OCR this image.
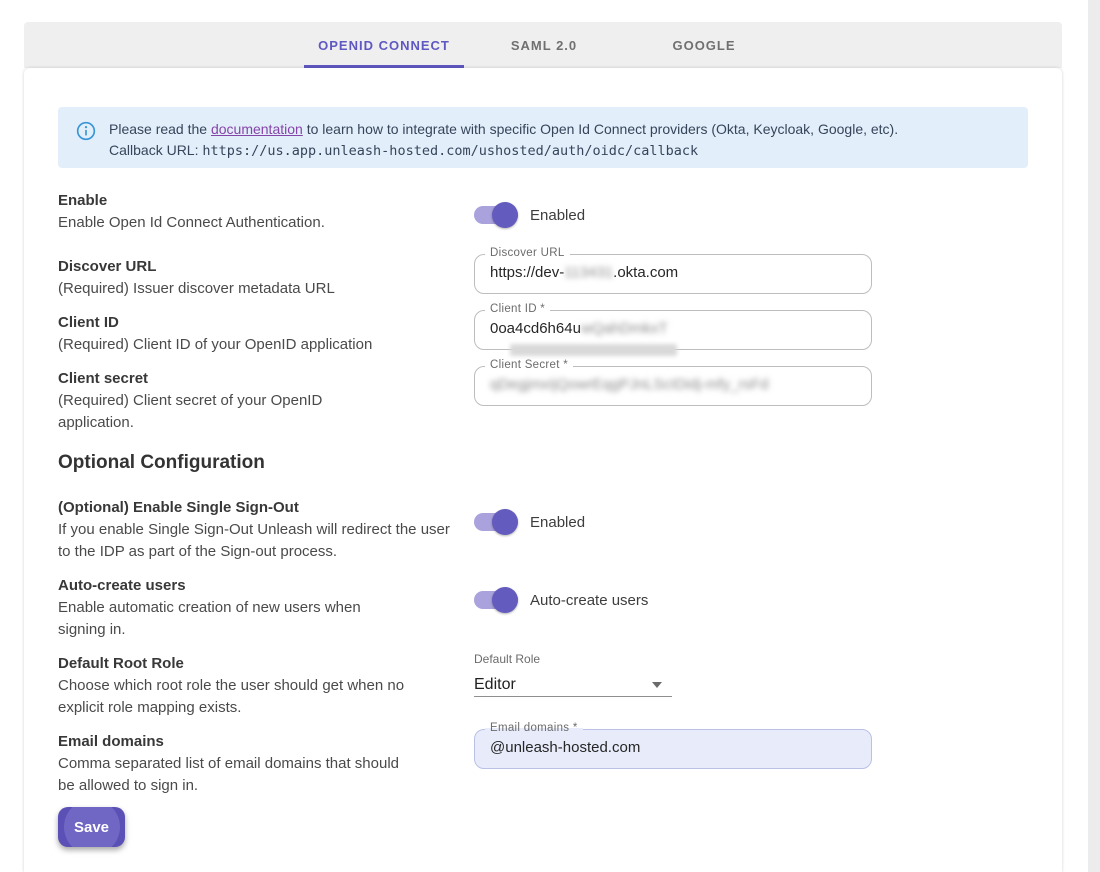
OPENID CONNECT	SAML 2.0	GOOGLE
Please read the documentation to learn how to integrate with specific Open Id Connect providers (Okta, Keycloak, Google, etc).
Callback URL: https://us.app.unleash-hosted.com/ushosted/auth/oidc/callback
Enable

Enable Open Id Connect Authentication.

Discover URL

(Required) Issuer discover metadata URL

Client ID

(Required) Client ID of your OpenID application

Client secret

(Required) Client secret of your OpenID application.

Optional Configuration
(Optional) Enable Single Sign-Out

If you enable Single Sign-Out Unleash will redirect the user to the IDP as part of the Sign-out process.

Auto-create users

Enable automatic creation of new users when signing in.

Default Root Role

Choose which root role the user should get when no explicit role mapping exists.

Email domains

Comma separated list of email domains that should be allowed to sign in.

Enabled
Discover URL
https://dev-113431.okta.com
Client ID *
0oa4cd6h64uwQahDmkxT
Client Secret *
qDegjmxIjQowrEqgPJnLScIDidj-mfy_rsFd
Enabled
Auto-create users
Default Role
Editor
Email domains *
@unleash-hosted.com
Save
